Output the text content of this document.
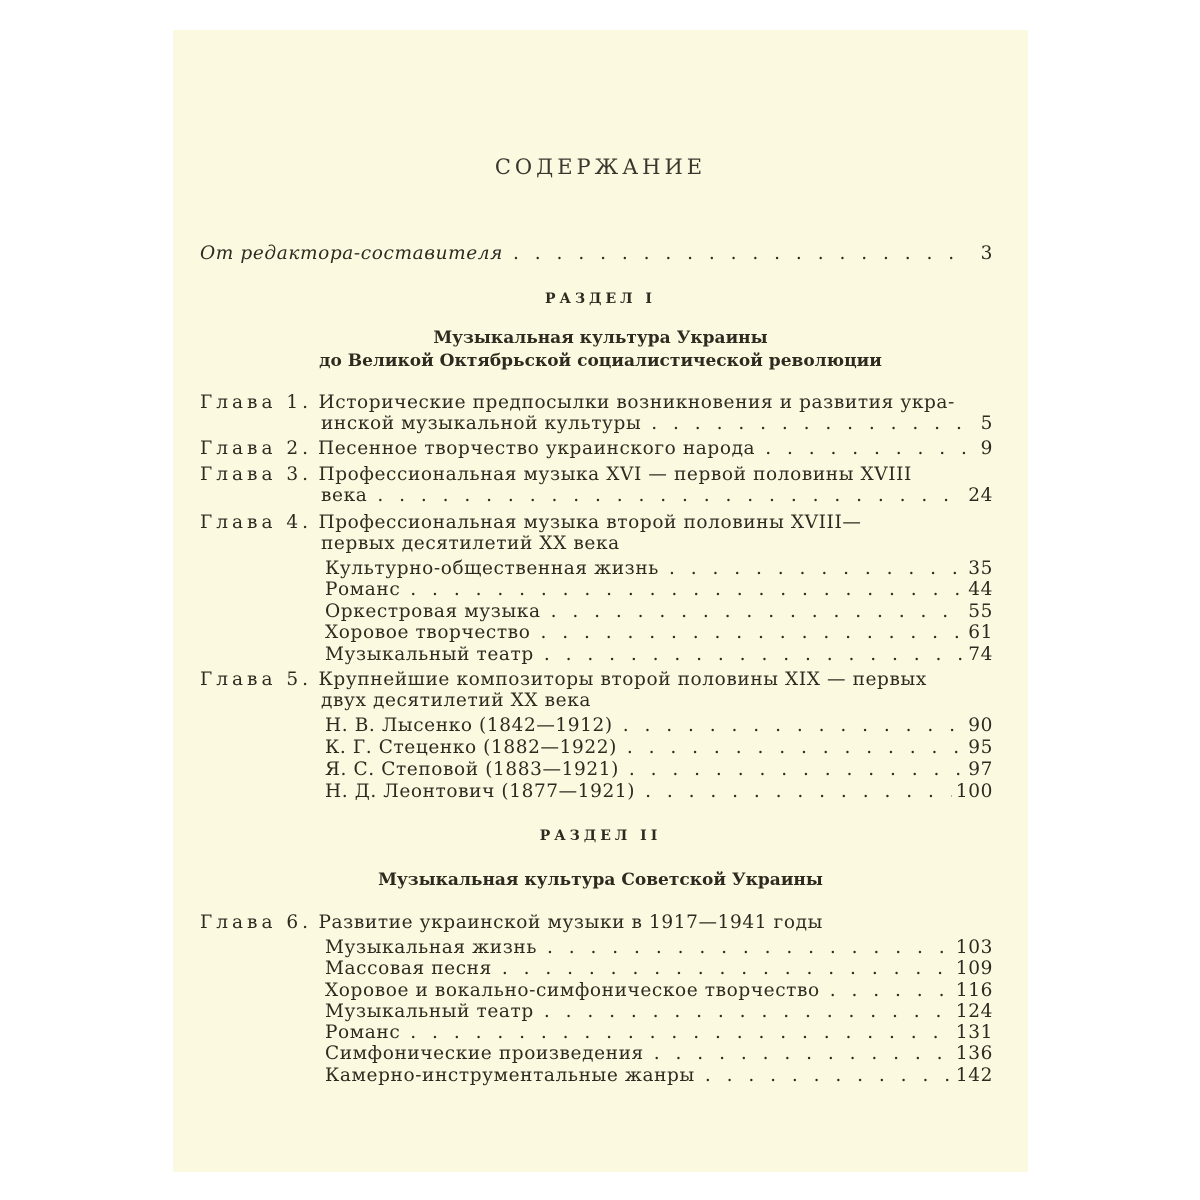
СОДЕРЖАНИЕ
От редактора-составителя . . .	3
РАЗДЕЛ I
Музыкальная культура Украины
до Великой Октябрьской социалистической революции
Глава 1. Исторические предпосылки возникновения и развития укра-
инской музыкальной культуры . . .	5
Глава 2. Песенное творчество украинского народа . . .	9
Глава 3. Профессиональная музыка XVI — первой половины XVIII
века . . .	24
Глава 4. Профессиональная музыка второй половины XVIII—
первых десятилетий XX века
Культурно-общественная жизнь . . .	35
Романс . . .	44
Оркестровая музыка . . .	55
Хоровое творчество . . .	61
Музыкальный театр . . .	74
Глава 5. Крупнейшие композиторы второй половины XIX — первых
двух десятилетий XX века
Н. В. Лысенко (1842—1912) . . .	90
К. Г. Стеценко (1882—1922) . . .	95
Я. С. Степовой (1883—1921) . . .	97
Н. Д. Леонтович (1877—1921) . . .	100
РАЗДЕЛ II
Музыкальная культура Советской Украины
Глава 6. Развитие украинской музыки в 1917—1941 годы
Музыкальная жизнь . . .	103
Массовая песня . . .	109
Хоровое и вокально-симфоническое творчество . . .	116
Музыкальный театр . . .	124
Романс . . .	131
Симфонические произведения . . .	136
Камерно-инструментальные жанры . . .	142
